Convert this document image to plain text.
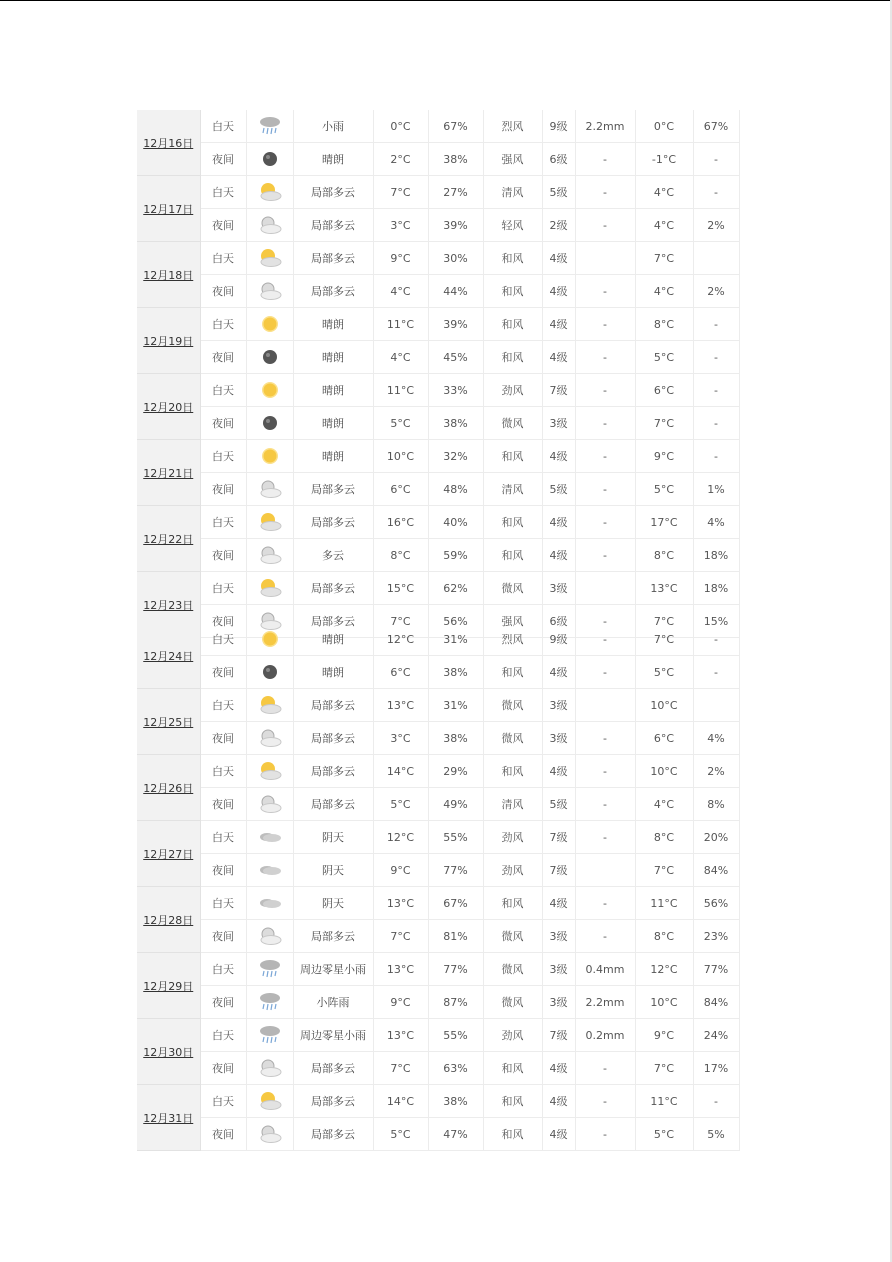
12月16日	白天		小雨	0°C	67%	烈风	9级	2.2mm	0°C	67%
	夜间		晴朗	2°C	38%	强风	6级	-	-1°C	-
12月17日	白天		局部多云	7°C	27%	清风	5级	-	4°C	-
	夜间		局部多云	3°C	39%	轻风	2级	-	4°C	2%
12月18日	白天		局部多云	9°C	30%	和风	4级		7°C	
	夜间		局部多云	4°C	44%	和风	4级	-	4°C	2%
12月19日	白天		晴朗	11°C	39%	和风	4级	-	8°C	-
	夜间		晴朗	4°C	45%	和风	4级	-	5°C	-
12月20日	白天		晴朗	11°C	33%	劲风	7级	-	6°C	-
	夜间		晴朗	5°C	38%	微风	3级	-	7°C	-
12月21日	白天		晴朗	10°C	32%	和风	4级	-	9°C	-
	夜间		局部多云	6°C	48%	清风	5级	-	5°C	1%
12月22日	白天		局部多云	16°C	40%	和风	4级	-	17°C	4%
	夜间		多云	8°C	59%	和风	4级	-	8°C	18%
12月23日	白天		局部多云	15°C	62%	微风	3级		13°C	18%
	夜间		局部多云	7°C	56%	强风	6级	-	7°C	15%
12月24日	白天		晴朗	12°C	31%	烈风	9级	-	7°C	-
	夜间		晴朗	6°C	38%	和风	4级	-	5°C	-
12月25日	白天		局部多云	13°C	31%	微风	3级		10°C	
	夜间		局部多云	3°C	38%	微风	3级	-	6°C	4%
12月26日	白天		局部多云	14°C	29%	和风	4级	-	10°C	2%
	夜间		局部多云	5°C	49%	清风	5级	-	4°C	8%
12月27日	白天		阴天	12°C	55%	劲风	7级	-	8°C	20%
	夜间		阴天	9°C	77%	劲风	7级		7°C	84%
12月28日	白天		阴天	13°C	67%	和风	4级	-	11°C	56%
	夜间		局部多云	7°C	81%	微风	3级	-	8°C	23%
12月29日	白天		周边零星小雨	13°C	77%	微风	3级	0.4mm	12°C	77%
	夜间		小阵雨	9°C	87%	微风	3级	2.2mm	10°C	84%
12月30日	白天		周边零星小雨	13°C	55%	劲风	7级	0.2mm	9°C	24%
	夜间		局部多云	7°C	63%	和风	4级	-	7°C	17%
12月31日	白天		局部多云	14°C	38%	和风	4级	-	11°C	-
	夜间		局部多云	5°C	47%	和风	4级	-	5°C	5%
